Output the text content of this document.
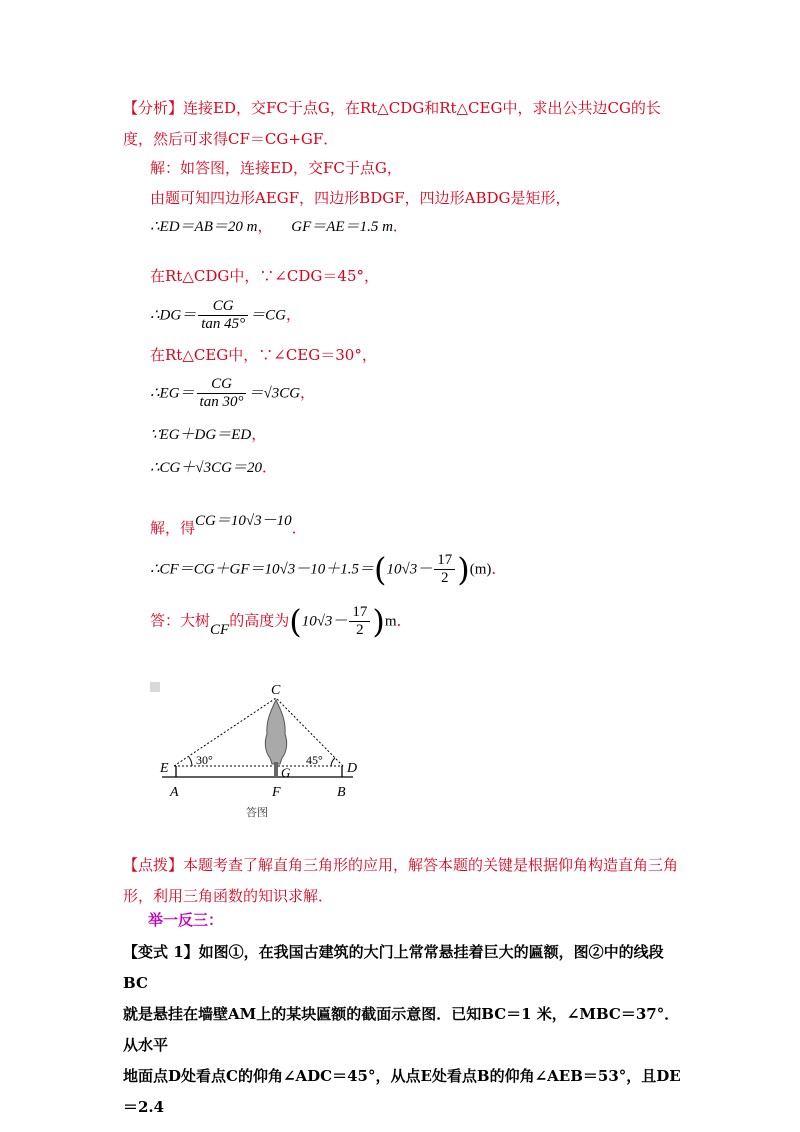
【分析】连接ED，交FC于点G，在Rt△CDG和Rt△CEG中，求出公共边CG的长
度，然后可求得CF＝CG+GF．
解：如答图，连接ED，交FC于点G，
由题可知四边形AEGF，四边形BDGF，四边形ABDG是矩形，
∴ED＝AB＝20 m， GF＝AE＝1.5 m．
在Rt△CDG中，∵∠CDG＝45°，
∴DG＝ $\frac{CG}{\tan 45^\circ} =CG$，
在Rt△CEG中，∵∠CEG＝30°，
∴EG＝ $\frac{CG}{\tan 30^\circ} =√3CG$，
∵EG＋DG＝ED，
∴CG＋√3CG＝20．
解，得CG＝10√3－10．
∴CF＝CG＋GF＝10√3－10＋1.5＝(10√3－ $\frac{17}{2} )(m)$．
答：大树CF的高度为$(10√3- \frac{17}{2} )m$．
C
E	D
G
A	F	B
30°	45°
答图
【点拨】本题考查了解直角三角形的应用，解答本题的关键是根据仰角构造直角三角
形，利用三角函数的知识求解．
举一反三：
【变式 1】如图①，在我国古建筑的大门上常常悬挂着巨大的匾额，图②中的线段BC
就是悬挂在墙壁AM上的某块匾额的截面示意图．已知BC＝1 米，∠MBC＝37°．从水平
地面点D处看点C的仰角∠ADC＝45°，从点E处看点B的仰角∠AEB＝53°，且DE＝2.4
